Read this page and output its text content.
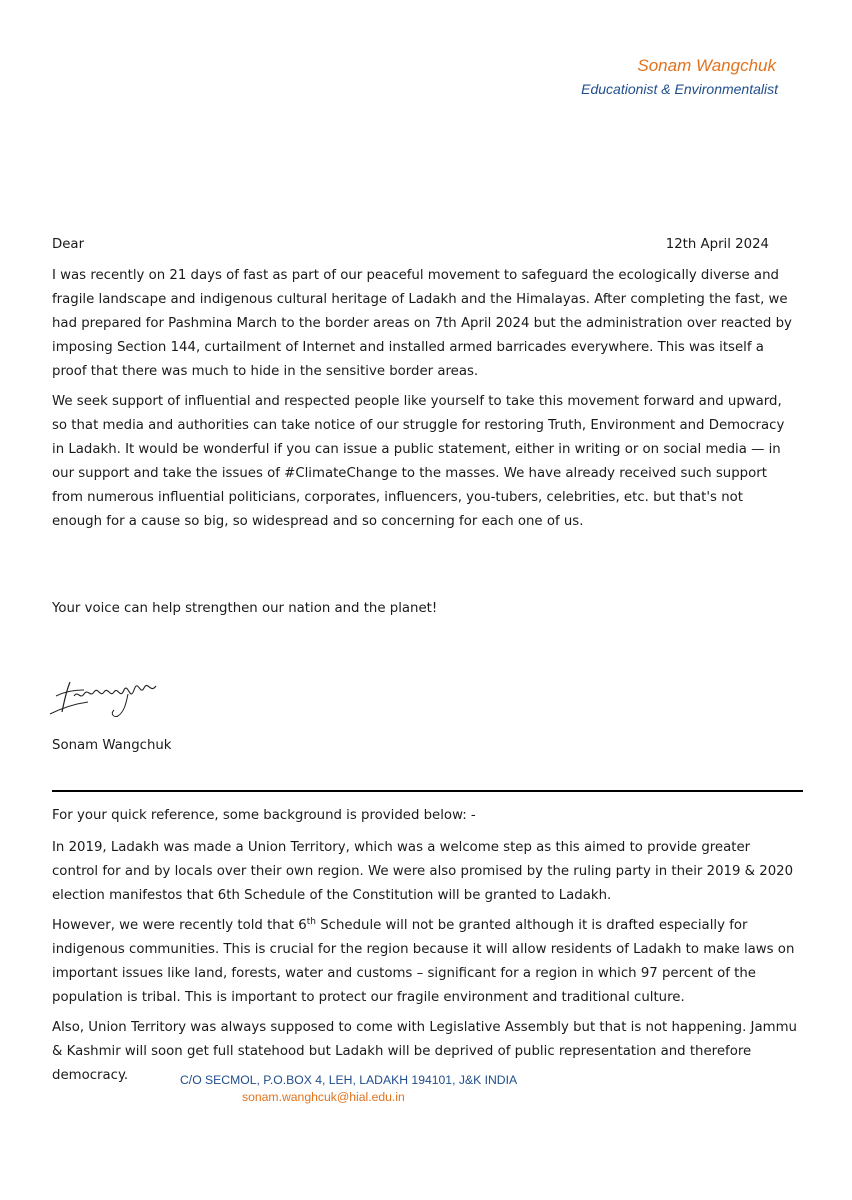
Sonam Wangchuk
Educationist & Environmentalist
Dear	12th April 2024
I was recently on 21 days of fast as part of our peaceful movement to safeguard the ecologically diverse and fragile landscape and indigenous cultural heritage of Ladakh and the Himalayas. After completing the fast, we had prepared for Pashmina March to the border areas on 7th April 2024 but the administration over reacted by imposing Section 144, curtailment of Internet and installed armed barricades everywhere. This was itself a proof that there was much to hide in the sensitive border areas.
We seek support of influential and respected people like yourself to take this movement forward and upward, so that media and authorities can take notice of our struggle for restoring Truth, Environment and Democracy in Ladakh. It would be wonderful if you can issue a public statement, either in writing or on social media — in our support and take the issues of #ClimateChange to the masses. We have already received such support from numerous influential politicians, corporates, influencers, you-tubers, celebrities, etc. but that's not enough for a cause so big, so widespread and so concerning for each one of us.
Your voice can help strengthen our nation and the planet!
Sonam Wangchuk
For your quick reference, some background is provided below: -
In 2019, Ladakh was made a Union Territory, which was a welcome step as this aimed to provide greater control for and by locals over their own region. We were also promised by the ruling party in their 2019 & 2020 election manifestos that 6th Schedule of the Constitution will be granted to Ladakh.
However, we were recently told that 6th Schedule will not be granted although it is drafted especially for indigenous communities. This is crucial for the region because it will allow residents of Ladakh to make laws on important issues like land, forests, water and customs – significant for a region in which 97 percent of the population is tribal. This is important to protect our fragile environment and traditional culture.
Also, Union Territory was always supposed to come with Legislative Assembly but that is not happening. Jammu & Kashmir will soon get full statehood but Ladakh will be deprived of public representation and therefore democracy.	C/O SECMOL, P.O.BOX 4, LEH, LADAKH 194101, J&K INDIA
sonam.wanghcuk@hial.edu.in
